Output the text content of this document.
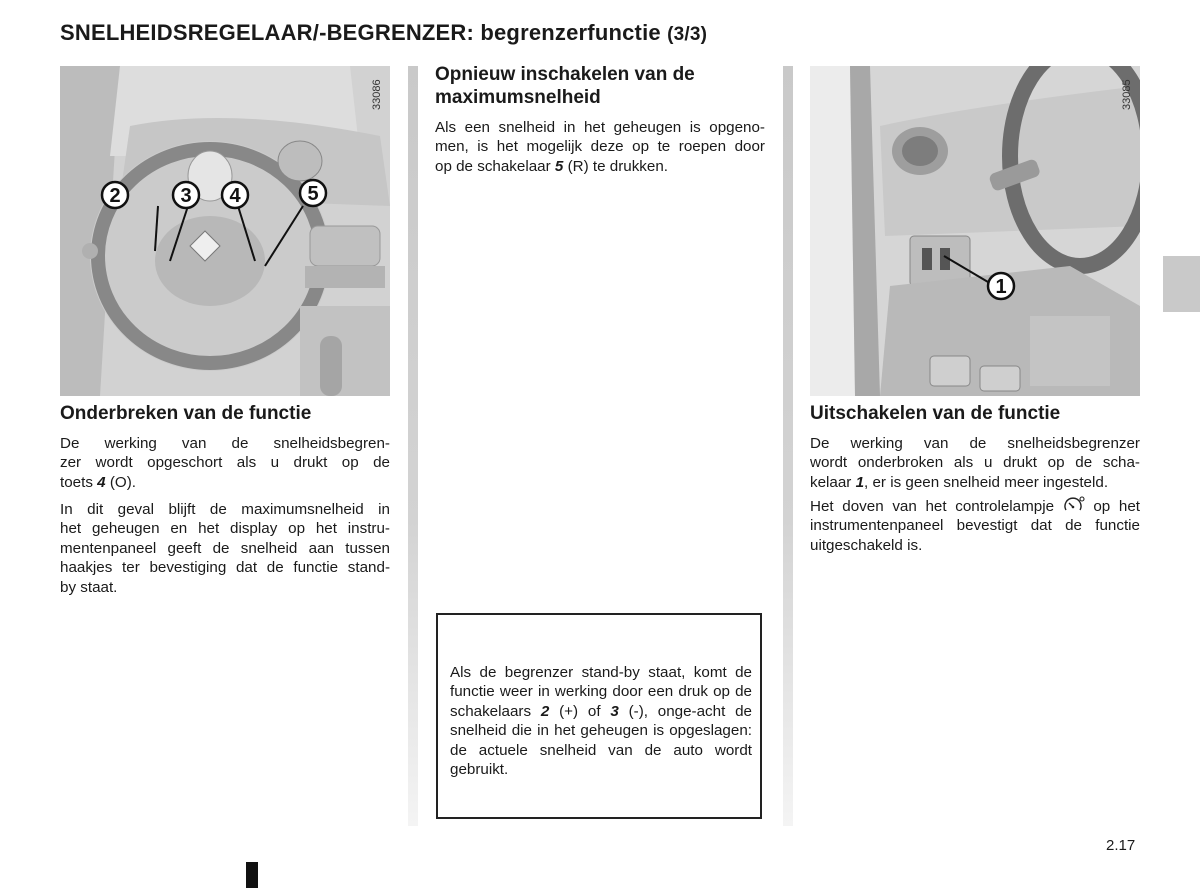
SNELHEIDSREGELAAR/-BEGRENZER: begrenzerfunctie (3/3)
2	3 4	5
33086
Onderbreken van de functie

De werking van de snelheidsbegren-
zer wordt opgeschort als u drukt op de
toets 4 (O).

In dit geval blijft de maximumsnelheid in
het geheugen en het display op het instru-
mentenpaneel geeft de snelheid aan tussen
haakjes ter bevestiging dat de functie stand-
by staat.

Opnieuw inschakelen van de
maximumsnelheid

Als een snelheid in het geheugen is opgeno-
men, is het mogelijk deze op te roepen door
op de schakelaar 5 (R) te drukken.

Als de begrenzer stand-by staat, komt de functie weer in werking door een druk op de schakelaars 2 (+) of 3 (-), onge-acht de snelheid die in het geheugen is opgeslagen: de actuele snelheid van de auto wordt gebruikt.

1
33085
Uitschakelen van de functie

De werking van de snelheidsbegrenzer
wordt onderbroken als u drukt op de scha-
kelaar 1, er is geen snelheid meer ingesteld.

Het doven van het controlelampje  op het
instrumentenpaneel bevestigt dat de functie
uitgeschakeld is.

2.17
